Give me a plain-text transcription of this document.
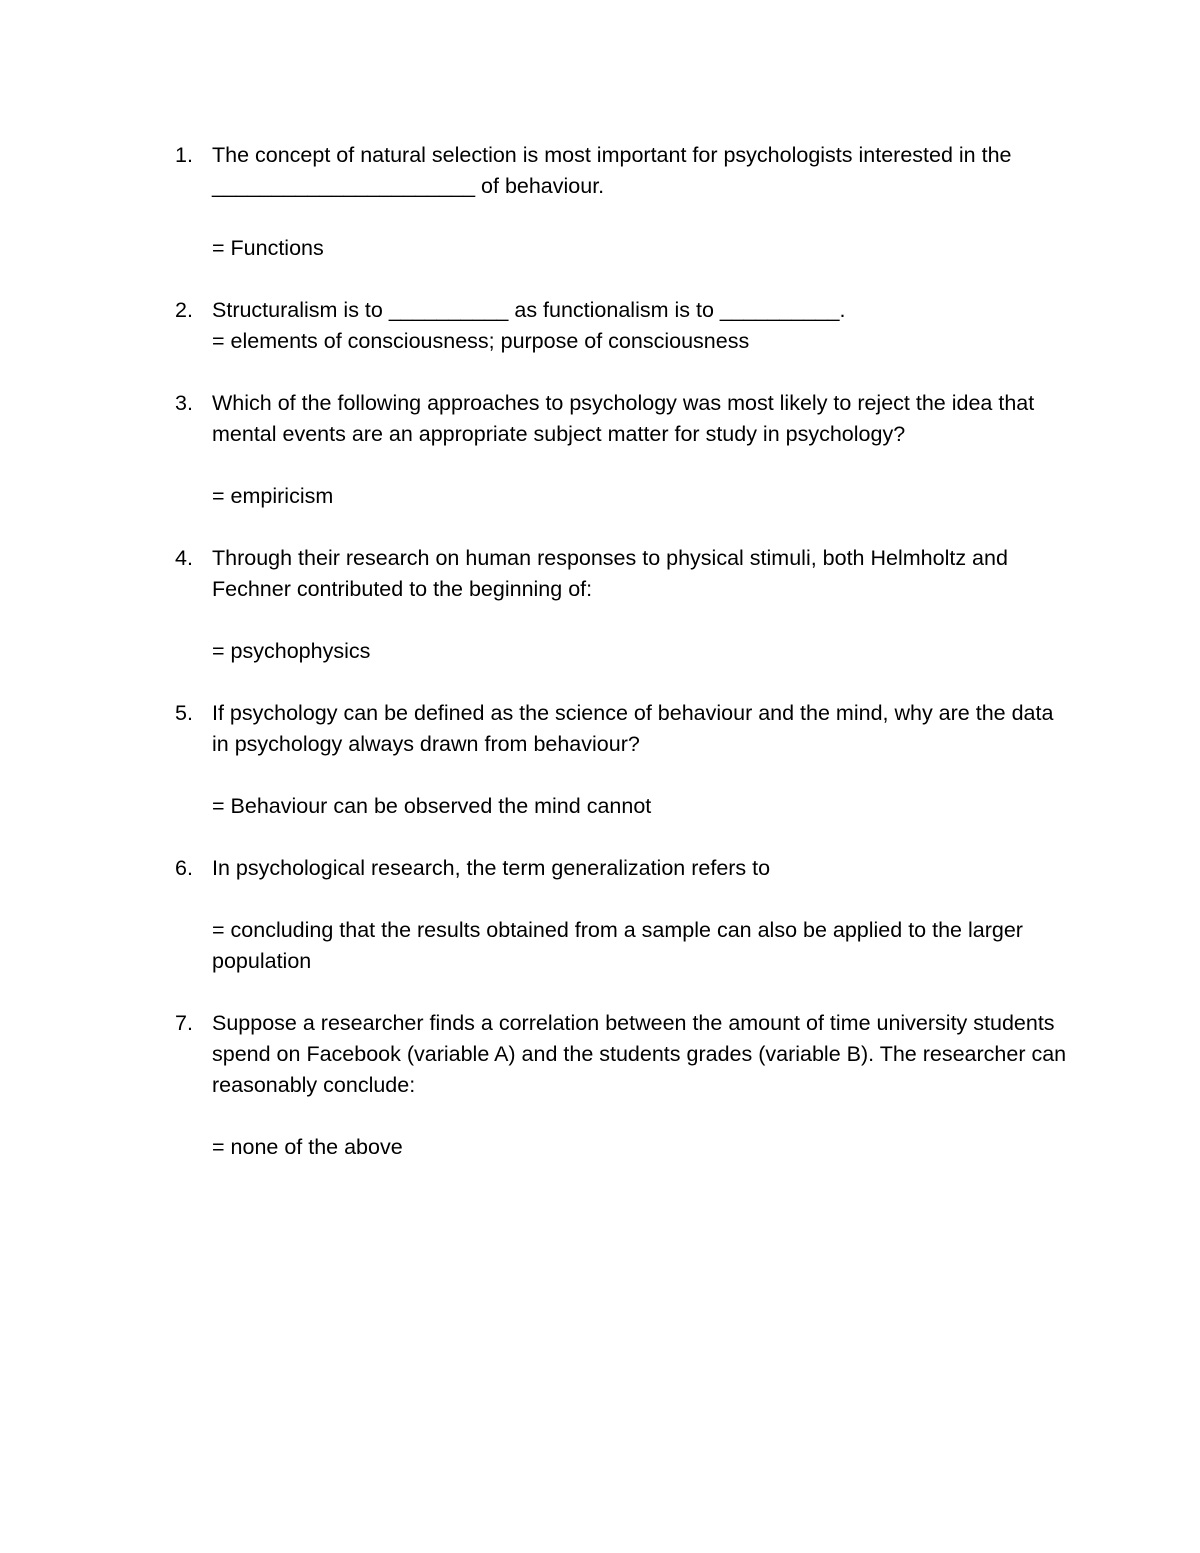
1. The concept of natural selection is most important for psychologists interested in the ______________________ of behaviour.
= Functions
2. Structuralism is to __________ as functionalism is to __________.
= elements of consciousness; purpose of consciousness
3. Which of the following approaches to psychology was most likely to reject the idea that mental events are an appropriate subject matter for study in psychology?
= empiricism
4. Through their research on human responses to physical stimuli, both Helmholtz and Fechner contributed to the beginning of:
= psychophysics
5. If psychology can be defined as the science of behaviour and the mind, why are the data in psychology always drawn from behaviour?
= Behaviour can be observed the mind cannot
6. In psychological research, the term generalization refers to
= concluding that the results obtained from a sample can also be applied to the larger population
7. Suppose a researcher finds a correlation between the amount of time university students spend on Facebook (variable A) and the students grades (variable B). The researcher can reasonably conclude:
= none of the above
